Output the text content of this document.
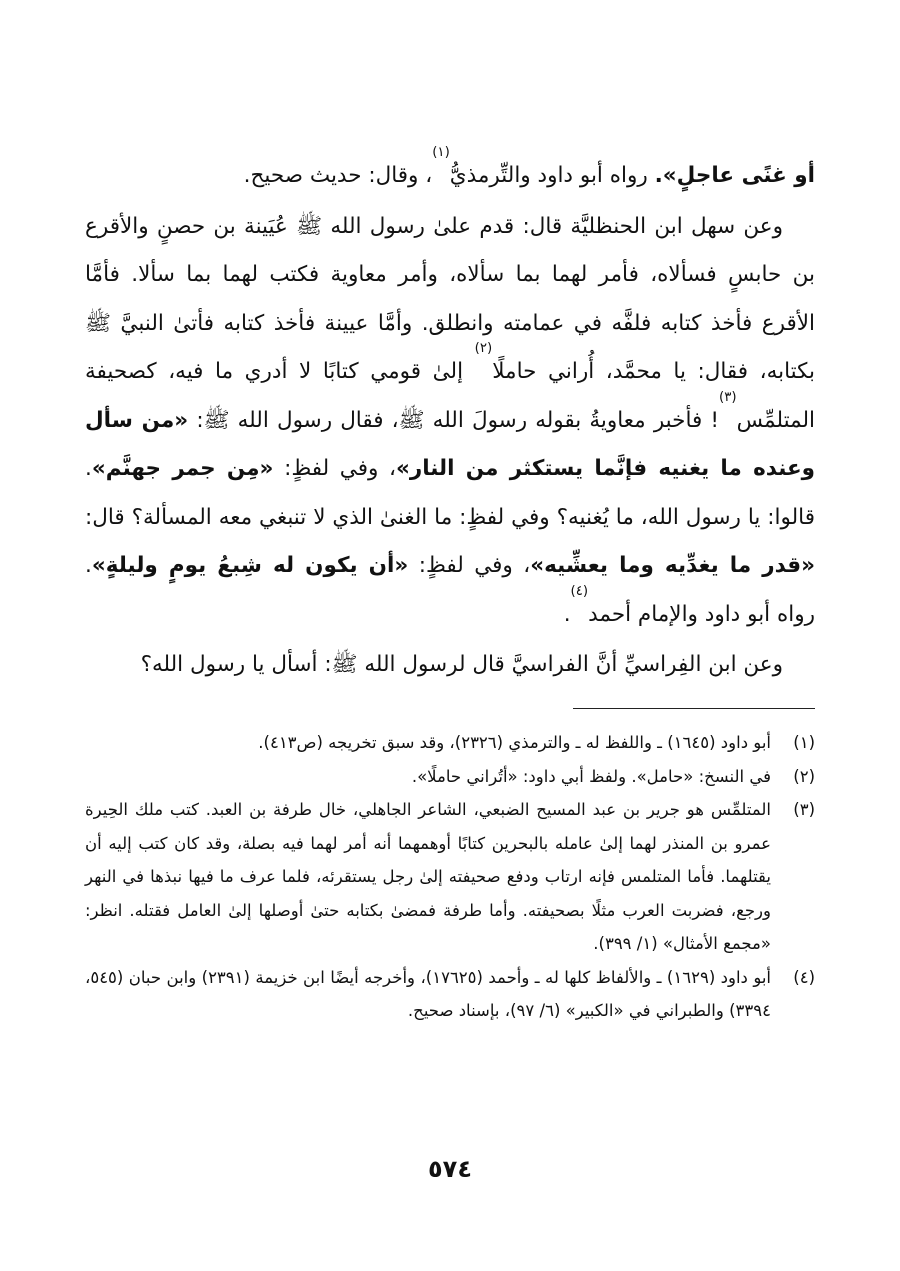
أو غنًى عاجلٍ». رواه أبو داود والتِّرمذيُّ$^{(١)}$، وقال: حديث صحيح.

وعن سهل ابن الحنظليَّة قال: قدم علىٰ رسول الله ﷺ عُيَينة بن حصنٍ والأقرع بن حابسٍ فسألاه، فأمر لهما بما سألاه، وأمر معاوية فكتب لهما بما سألا. فأمَّا الأقرع فأخذ كتابه فلفَّه في عمامته وانطلق. وأمَّا عيينة فأخذ كتابه فأتىٰ النبيَّ ﷺ بكتابه، فقال: يا محمَّد، أُراني حاملًا$^{(٢)}$ إلىٰ قومي كتابًا لا أدري ما فيه، كصحيفة المتلمِّس$^{(٣)}$! فأخبر معاويةُ بقوله رسولَ الله ﷺ، فقال رسول الله ﷺ: «من سأل وعنده ما يغنيه فإنَّما يستكثر من النار»، وفي لفظٍ: «مِن جمر جهنَّم». قالوا: يا رسول الله، ما يُغنيه؟ وفي لفظٍ: ما الغنىٰ الذي لا تنبغي معه المسألة؟ قال: «قدر ما يغدِّيه وما يعشِّيه»، وفي لفظٍ: «أن يكون له شِبعُ يومٍ وليلةٍ». رواه أبو داود والإمام أحمد$^{(٤)}$.

وعن ابن الفِراسيِّ أنَّ الفراسيَّ قال لرسول الله ﷺ: أسأل يا رسول الله؟

(١)
أبو داود (١٦٤٥) ـ واللفظ له ـ والترمذي (٢٣٢٦)، وقد سبق تخريجه (ص٤١٣).
(٢)
في النسخ: «حامل». ولفظ أبي داود: «أتُراني حاملًا».
(٣)
المتلمِّس هو جرير بن عبد المسيح الضبعي، الشاعر الجاهلي، خال طرفة بن العبد. كتب ملك الحِيرة عمرو بن المنذر لهما إلىٰ عامله بالبحرين كتابًا أوهمهما أنه أمر لهما فيه بصلة، وقد كان كتب إليه أن يقتلهما. فأما المتلمس فإنه ارتاب ودفع صحيفته إلىٰ رجل يستقرئه، فلما عرف ما فيها نبذها في النهر ورجع، فضربت العرب مثلًا بصحيفته. وأما طرفة فمضىٰ بكتابه حتىٰ أوصلها إلىٰ العامل فقتله. انظر: «مجمع الأمثال» (١/ ٣٩٩).
(٤)
أبو داود (١٦٢٩) ـ والألفاظ كلها له ـ وأحمد (١٧٦٢٥)، وأخرجه أيضًا ابن خزيمة (٢٣٩١) وابن حبان (٥٤٥، ٣٣٩٤) والطبراني في «الكبير» (٦/ ٩٧)، بإسناد صحيح.
٥٧٤
